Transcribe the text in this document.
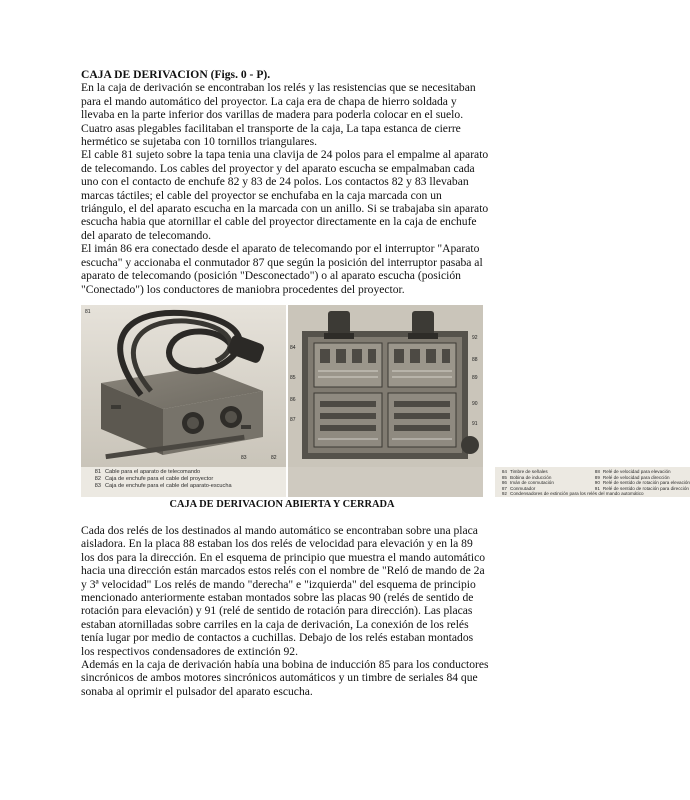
CAJA DE DERIVACION (Figs. 0 - P).

En la caja de derivación se encontraban los relés y las resistencias que se necesitaban para el mando automático del proyector. La caja era de chapa de hierro soldada y llevaba en la parte inferior dos varillas de madera para poderla colocar en el suelo. Cuatro asas plegables facilitaban el transporte de la caja, La tapa estanca de cierre hermético se sujetaba con 10 tornillos triangulares.

El cable 81 sujeto sobre la tapa tenia una clavija de 24 polos para el empalme al aparato de telecomando. Los cables del proyector y del aparato escucha se empalmaban cada uno con el contacto de enchufe 82 y 83 de 24 polos. Los contactos 82 y 83 llevaban marcas táctiles; el cable del proyector se enchufaba en la caja marcada con un triángulo, el del aparato escucha en la marcada con un anillo. Si se trabajaba sin aparato escucha habia que atornillar el cable del proyector directamente en la caja de enchufe del aparato de telecomando.

El imán 86 era conectado desde el aparato de telecomando por el interruptor "Aparato escucha" y accionaba el conmutador 87 que según la posición del interruptor pasaba al aparato de telecomando (posición "Desconectado") o al aparato escucha (posición "Conectado") los conductores de maniobra procedentes del proyector.

81 Cable para el aparato de telecomando
82 Caja de enchufe para el cable del proyector
83 Caja de enchufe para el cable del aparato-escucha
81
82
83
84 Timbre de señales
85 Bobina de inducción
86 Imán de conmutación
87 Conmutador
88 Relé de velocidad para elevación
89 Relé de velocidad para dirección
90 Relé de sentido de rotación para elevación
91 Relé de sentido de rotación para dirección
92 Condensadores de extinción para los relés del mando automático
84
85
86
87
88
89
90
91
92
CAJA DE DERIVACION ABIERTA Y CERRADA

Cada dos relés de los destinados al mando automático se encontraban sobre una placa aisladora. En la placa 88 estaban los dos relés de velocidad para elevación y en la 89 los dos para la dirección. En el esquema de principio que muestra el mando automático hacia una dirección están marcados estos relés con el nombre de "Reló de mando de 2a y 3ª velocidad" Los relés de mando "derecha" e "izquierda" del esquema de principio mencionado anteriormente estaban montados sobre las placas 90 (relés de sentido de rotación para elevación) y 91 (relé de sentido de rotación para dirección). Las placas estaban atornilladas sobre carriles en la caja de derivación, La conexión de los relés tenía lugar por medio de contactos a cuchillas. Debajo de los relés estaban montados los respectivos condensadores de extinción 92.

Además en la caja de derivación había una bobina de inducción 85 para los conductores sincrónicos de ambos motores sincrónicos automáticos y un timbre de seriales 84 que sonaba al oprimir el pulsador del aparato escucha.
